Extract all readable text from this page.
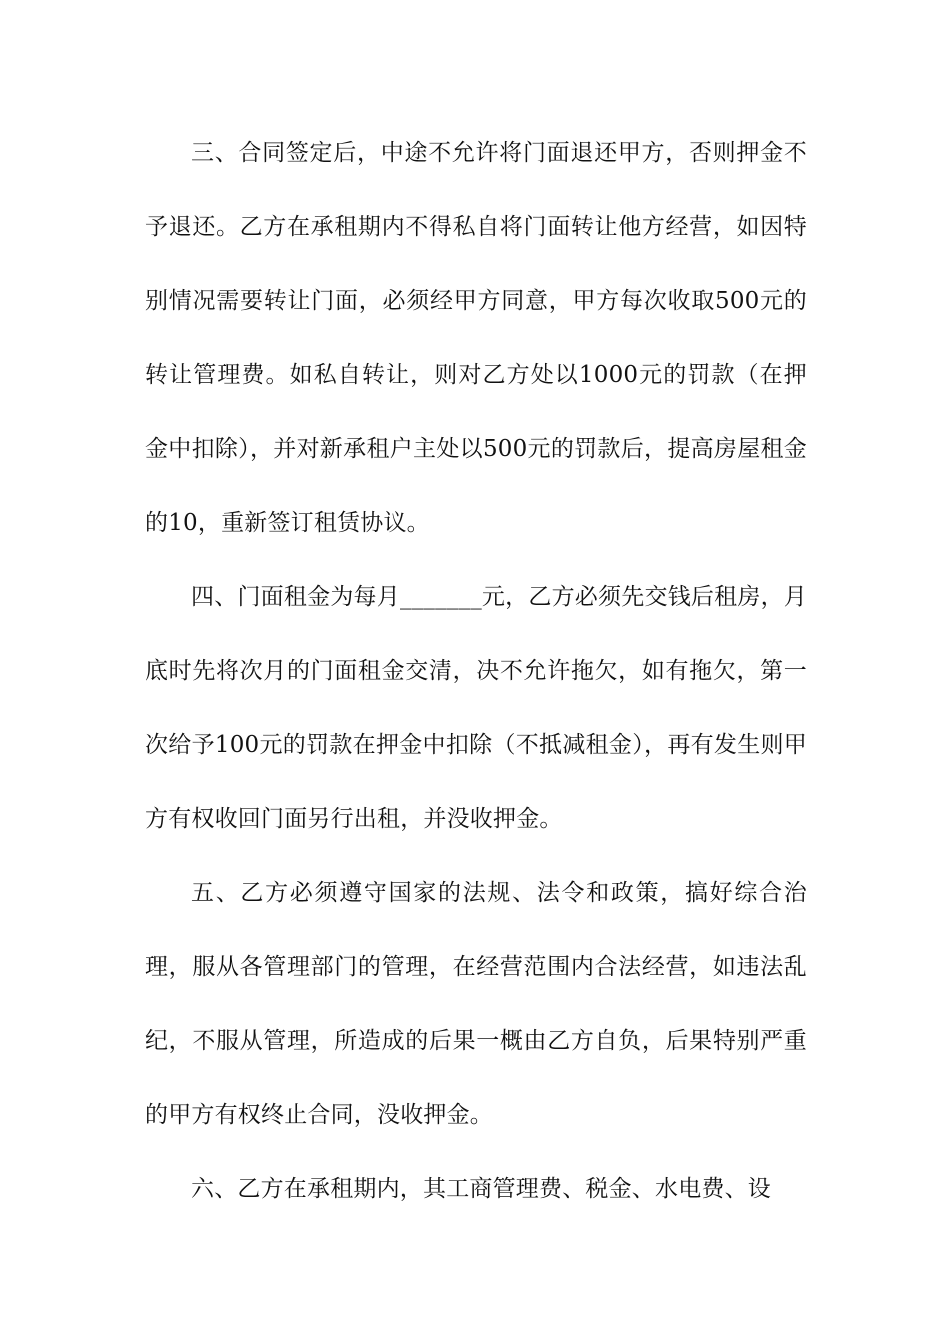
三、合同签定后，中途不允许将门面退还甲方，否则押金不予退还。乙方在承租期内不得私自将门面转让他方经营，如因特别情况需要转让门面，必须经甲方同意，甲方每次收取500元的转让管理费。如私自转让，则对乙方处以1000元的罚款（在押金中扣除），并对新承租户主处以500元的罚款后，提高房屋租金的10，重新签订租赁协议。

四、门面租金为每月_______元，乙方必须先交钱后租房，月底时先将次月的门面租金交清，决不允许拖欠，如有拖欠，第一次给予100元的罚款在押金中扣除（不抵减租金），再有发生则甲方有权收回门面另行出租，并没收押金。

五、乙方必须遵守国家的法规、法令和政策，搞好综合治理，服从各管理部门的管理，在经营范围内合法经营，如违法乱纪，不服从管理，所造成的后果一概由乙方自负，后果特别严重的甲方有权终止合同，没收押金。

六、乙方在承租期内，其工商管理费、税金、水电费、设
